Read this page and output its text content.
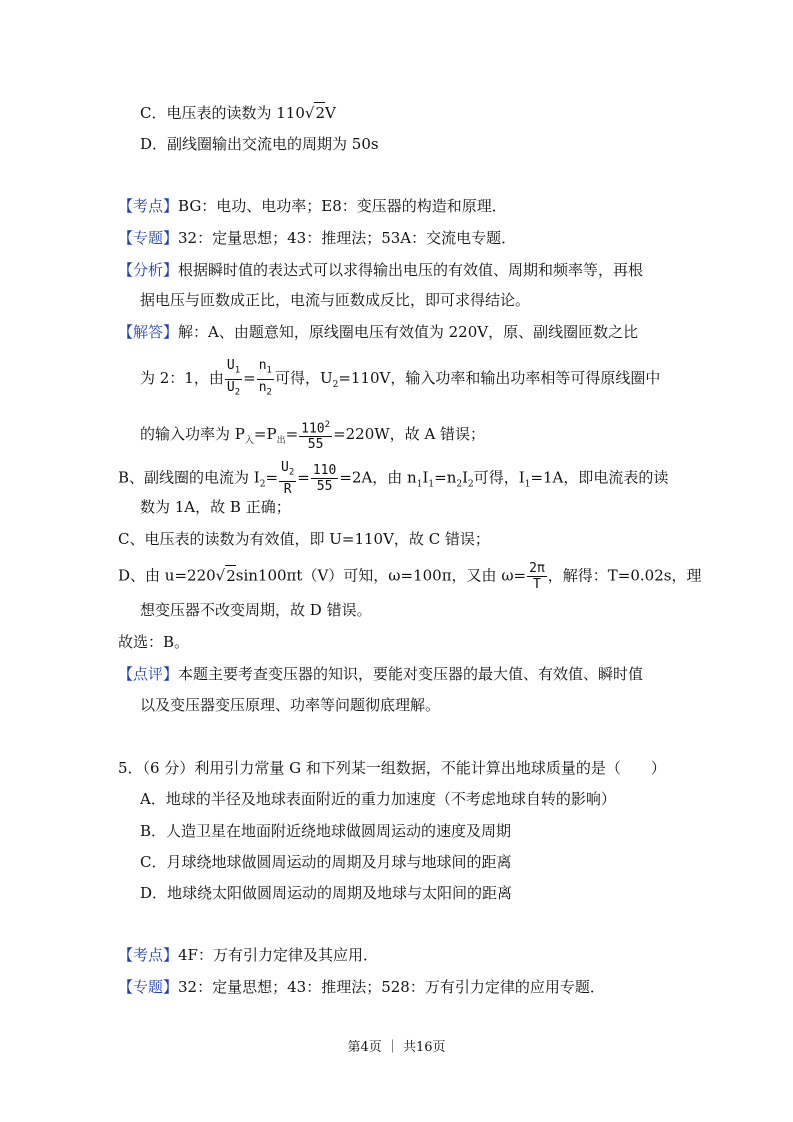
C．电压表的读数为 110√2V
D．副线圈输出交流电的周期为 50s
【考点】BG：电功、电功率；E8：变压器的构造和原理．
【专题】32：定量思想；43：推理法；53A：交流电专题．
【分析】根据瞬时值的表达式可以求得输出电压的有效值、周期和频率等，再根
据电压与匝数成正比，电流与匝数成反比，即可求得结论。
【解答】解：A、由题意知，原线圈电压有效值为 220V，原、副线圈匝数之比
为 2：1，由 $\frac{U_1}{U_2} = \frac{n_1}{n_2}$ 可得，$U_2=110V$，输入功率和输出功率相等可得原线圈中
的输入功率为 $P_入=P_出= \frac{110^2}{55} =220W$，故 A 错误；
B、副线圈的电流为 $I_2= \frac{U_2}{R} = \frac{110}{55} =2A$，由 $n_1I_1=n_2I_2$可得，$I_1=1A$，即电流表的读
数为 1A，故 B 正确；
C、电压表的读数为有效值，即 U=110V，故 C 错误；
D、由 u=220√2sin100πt（V）可知，ω=100π，又由 $\omega= \frac{2\pi}{T}$ ，解得：T=0.02s，理
想变压器不改变周期，故 D 错误。
故选：B。
【点评】本题主要考查变压器的知识，要能对变压器的最大值、有效值、瞬时值
以及变压器变压原理、功率等问题彻底理解。
5．（6 分）利用引力常量 G 和下列某一组数据，不能计算出地球质量的是（　　）
A．地球的半径及地球表面附近的重力加速度（不考虑地球自转的影响）
B．人造卫星在地面附近绕地球做圆周运动的速度及周期
C．月球绕地球做圆周运动的周期及月球与地球间的距离
D．地球绕太阳做圆周运动的周期及地球与太阳间的距离
【考点】4F：万有引力定律及其应用．
【专题】32：定量思想；43：推理法；528：万有引力定律的应用专题．
第4页 ｜ 共16页
